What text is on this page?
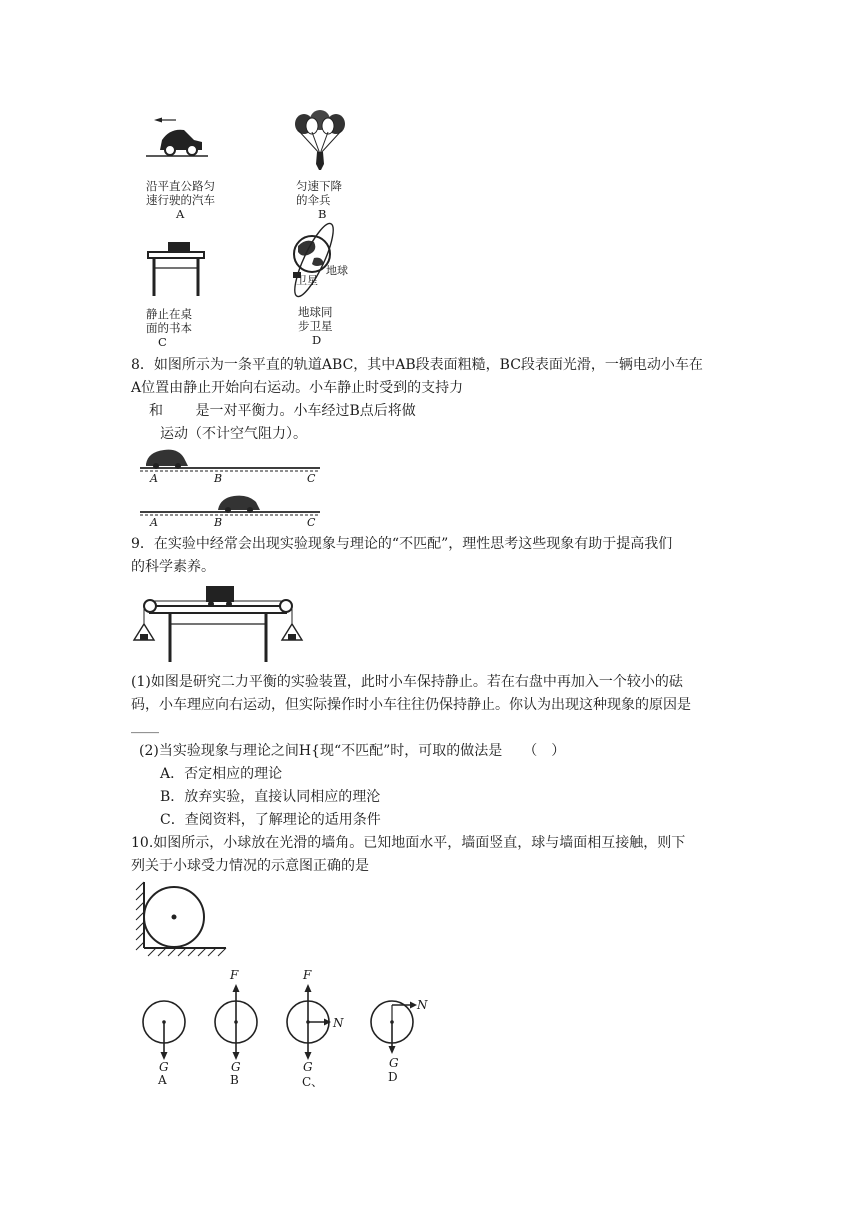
沿平直公路匀
速行驶的汽车
A
匀速下降
的伞兵
B
静止在桌
面的书本
C
地球
卫星
地球同
步卫星
D
8．如图所示为一条平直的轨道ABC，其中AB段表面粗糙，BC段表面光滑，一辆电动小车在
A位置由静止开始向右运动。小车静止时受到的支持力
和　　 是一对平衡力。小车经过B点后将做
运动（不计空气阻力）。
A	B	C
A	B	C
9．在实验中经常会出现实验现象与理论的“不匹配”，理性思考这些现象有助于提高我们
的科学素养。
(1)如图是研究二力平衡的实验装置，此时小车保持静止。若在右盘中再加入一个较小的砝
码，小车理应向右运动，但实际操作时小车往往仍保持静止。你认为出现这种现象的原因是
____
(2)当实验现象与理论之间H{现“不匹配”时，可取的做法是　　（　）
A．否定相应的理论
B．放弃实验，直接认同相应的理沦
C．查阅资料，了解理论的适用条件
10.如图所示，小球放在光滑的墙角。已知地面水平，墙面竖直，球与墙面相互接触，则下
列关于小球受力情况的示意图正确的是
G
A
F
G
B
F
N
G
C、
N
G
D
